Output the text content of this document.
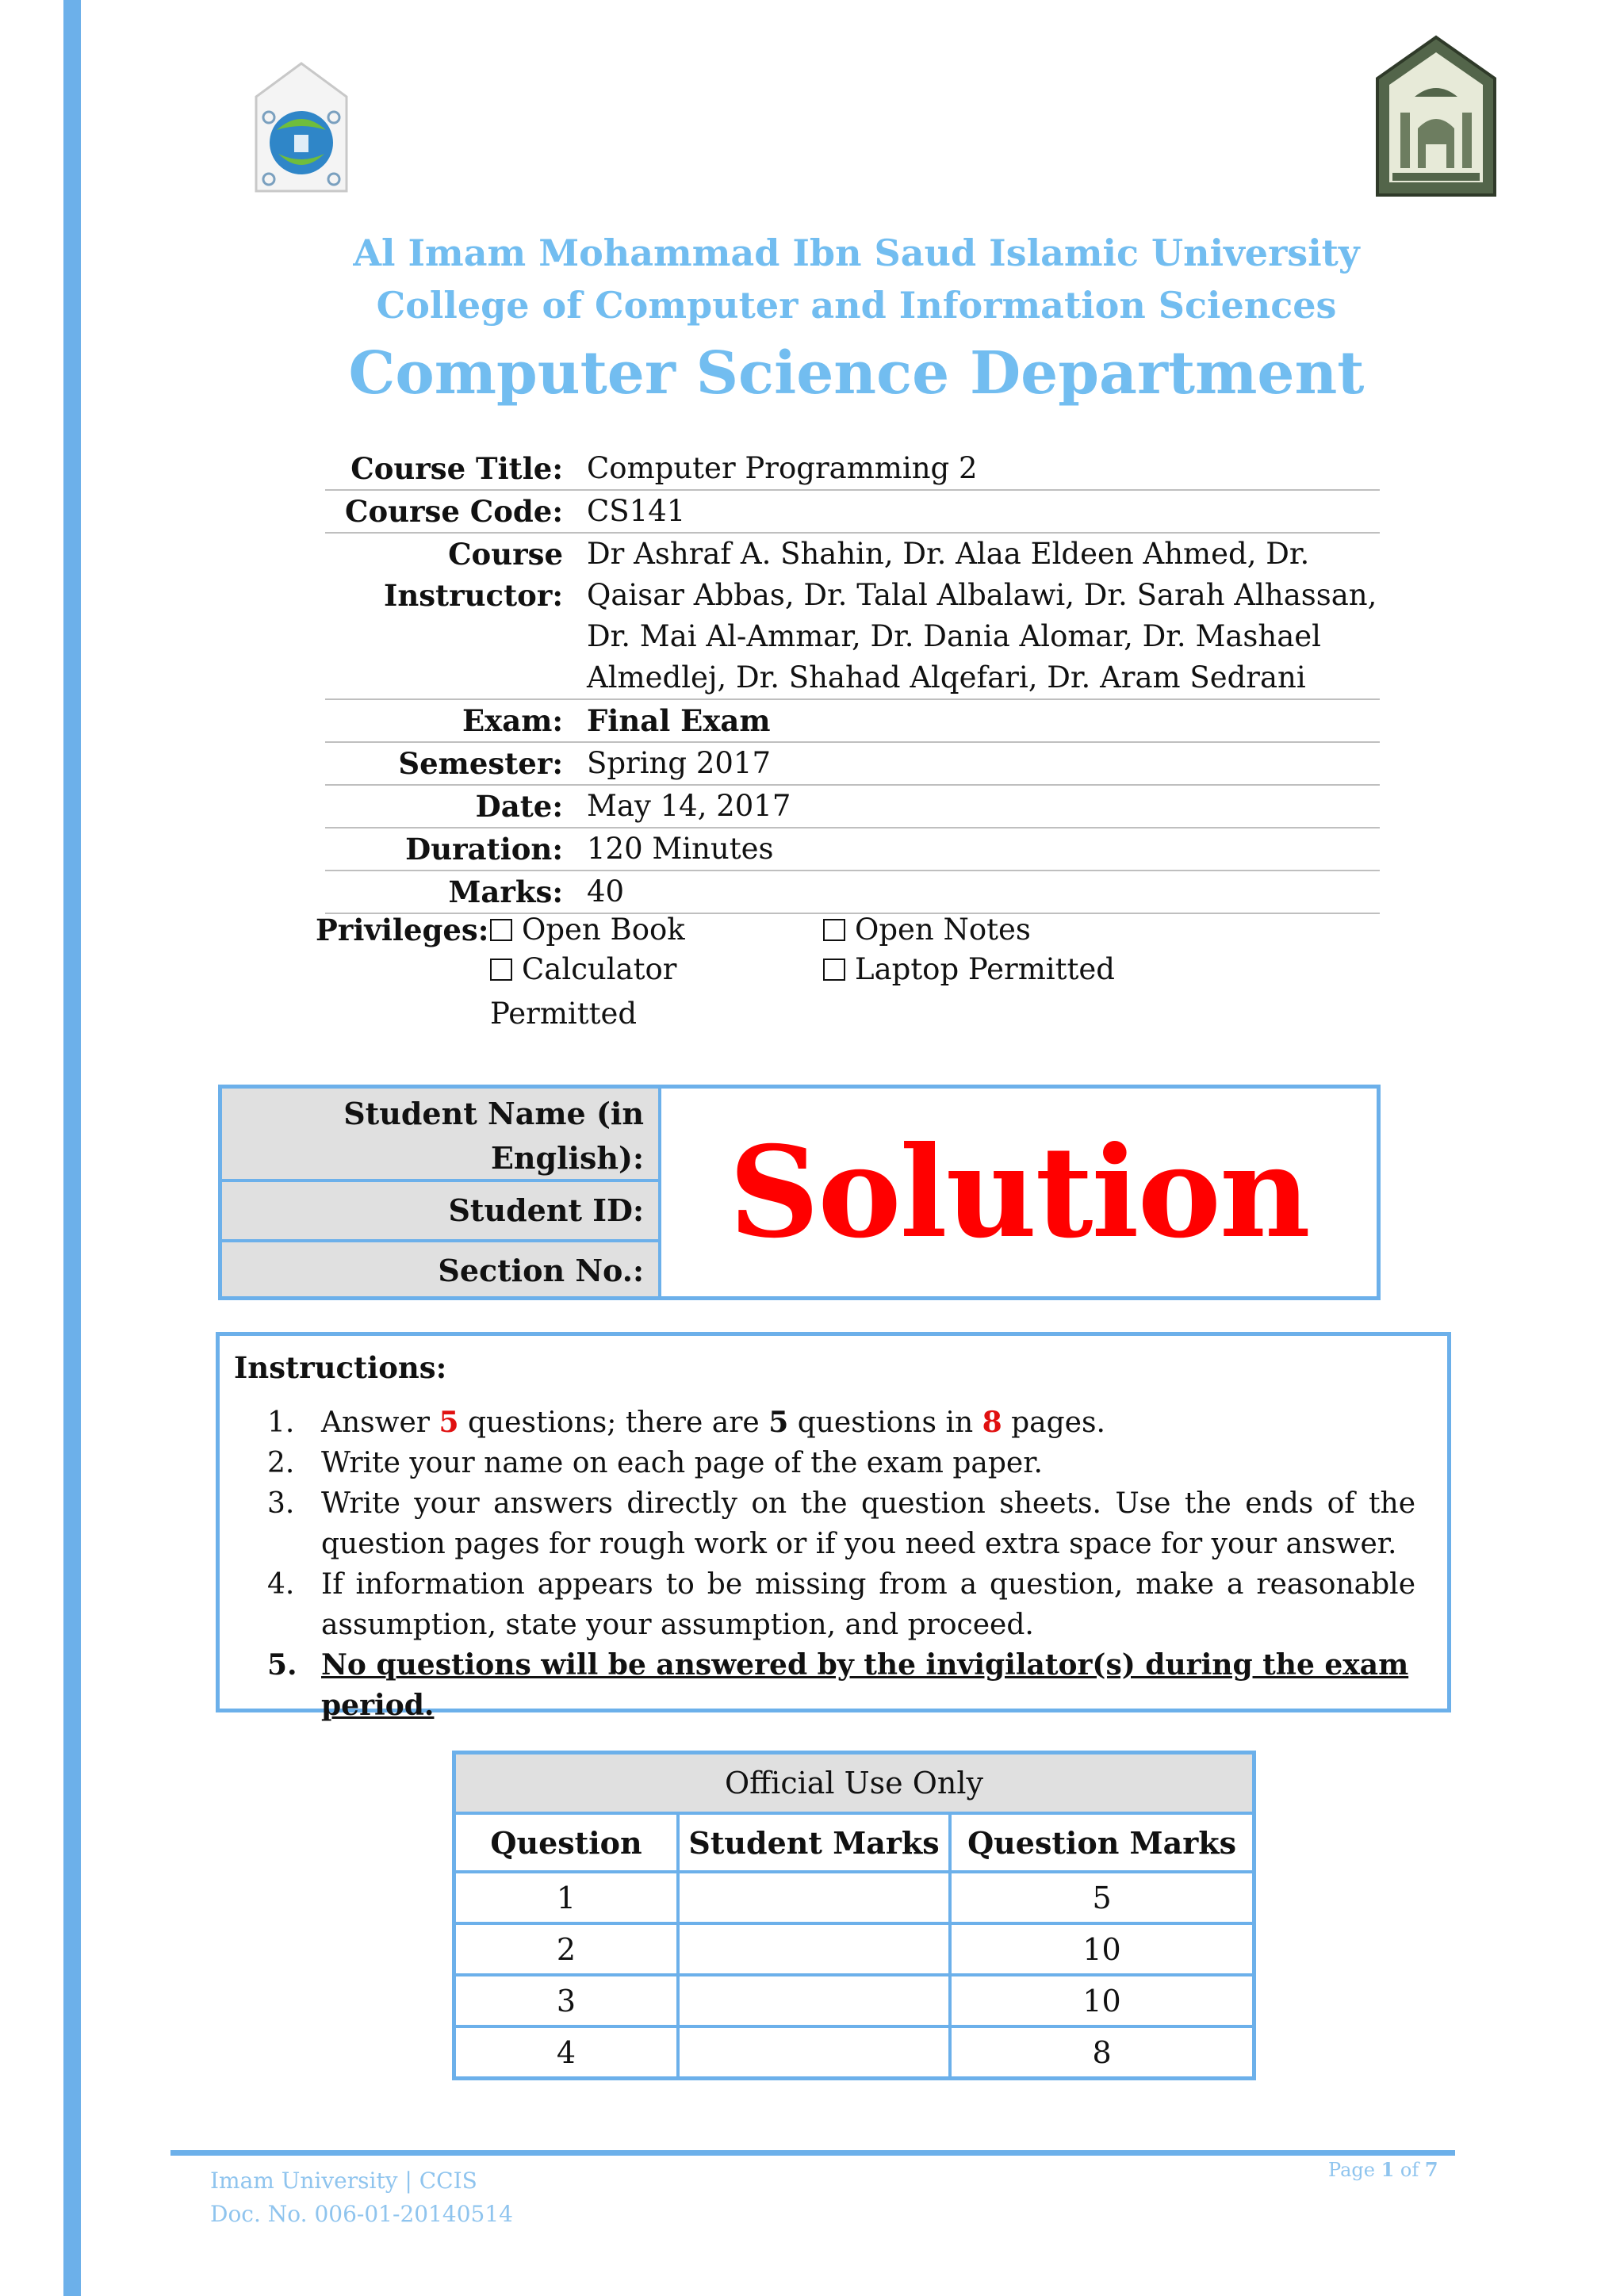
Al Imam Mohammad Ibn Saud Islamic University
College of Computer and Information Sciences
Computer Science Department
Course Title: Computer Programming 2
Course Code: CS141
Course Instructor:
Dr Ashraf A. Shahin, Dr. Alaa Eldeen Ahmed, Dr.
Qaisar Abbas, Dr. Talal Albalawi, Dr. Sarah Alhassan,
Dr. Mai Al-Ammar, Dr. Dania Alomar, Dr. Mashael
Almedlej, Dr. Shahad Alqefari, Dr. Aram Sedrani
Exam: Final Exam
Semester: Spring 2017
Date: May 14, 2017
Duration: 120 Minutes
Marks: 40
Privileges:	Open Book	Open Notes
Calculator	Laptop Permitted
Permitted
Student Name (in
English):
Student ID:
Section No.:
Solution
Instructions:
1. Answer 5 questions; there are 5 questions in 8 pages.
2. Write your name on each page of the exam paper.
3. Write your answers directly on the question sheets. Use the ends of the question pages for rough work or if you need extra space for your answer.
4. If information appears to be missing from a question, make a reasonable assumption, state your assumption, and proceed.
5. No questions will be answered by the invigilator(s) during the exam period.
Official Use Only		
Question	Student Marks	Question Marks
1		5
2		10
3		10
4		8
Imam University | CCIS
Doc. No. 006-01-20140514
Page 1 of 7
